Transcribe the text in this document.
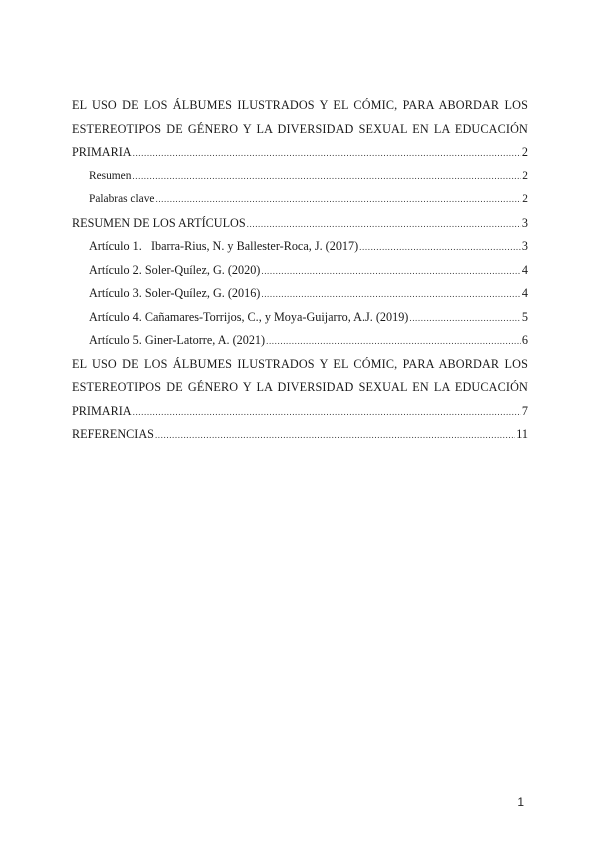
EL USO DE LOS ÁLBUMES ILUSTRADOS Y EL CÓMIC, PARA ABORDAR LOS
ESTEREOTIPOS DE GÉNERO Y LA DIVERSIDAD SEXUAL EN LA EDUCACIÓN
PRIMARIA .....	2
Resumen .....	2
Palabras clave .....	2
RESUMEN DE LOS ARTÍCULOS .....	3
Artículo 1.   Ibarra-Rius, N. y Ballester-Roca, J. (2017) .....	3
Artículo 2. Soler-Quílez, G. (2020) .....	4
Artículo 3. Soler-Quílez, G. (2016) .....	4
Artículo 4. Cañamares-Torrijos, C., y Moya-Guijarro, A.J. (2019) .....	5
Artículo 5. Giner-Latorre, A. (2021) .....	6
EL USO DE LOS ÁLBUMES ILUSTRADOS Y EL CÓMIC, PARA ABORDAR LOS
ESTEREOTIPOS DE GÉNERO Y LA DIVERSIDAD SEXUAL EN LA EDUCACIÓN
PRIMARIA .....	7
REFERENCIAS .....	11
1
